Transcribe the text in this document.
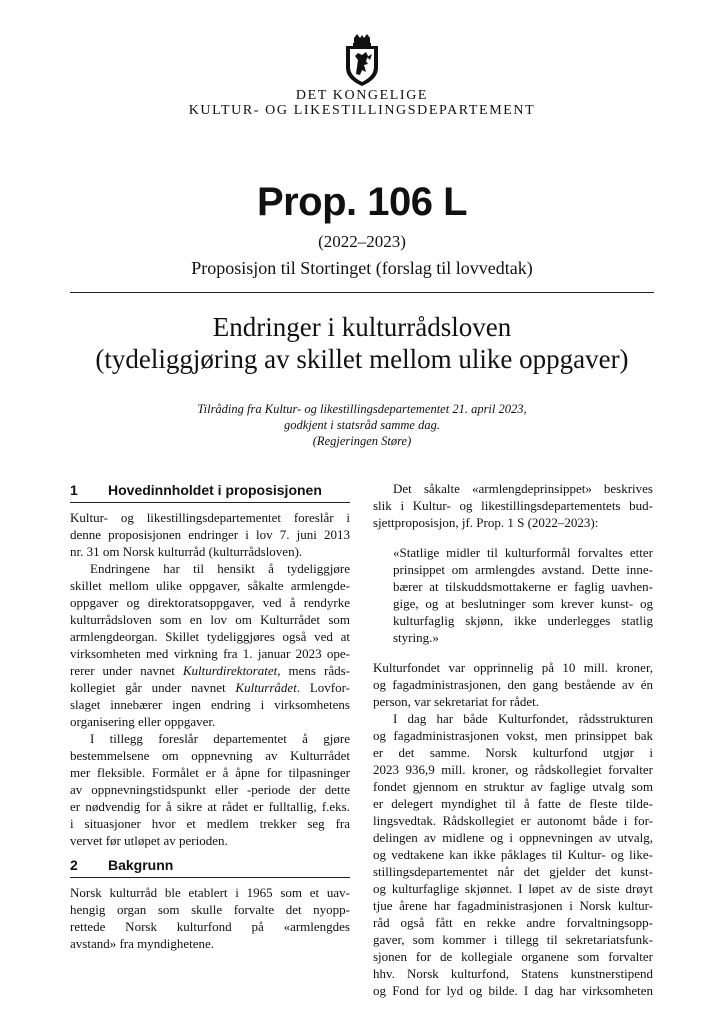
DET KONGELIGE
KULTUR- OG LIKESTILLINGSDEPARTEMENT
Prop. 106 L
(2022–2023)
Proposisjon til Stortinget (forslag til lovvedtak)
Endringer i kulturrådsloven
(tydeliggjøring av skillet mellom ulike oppgaver)
Tilråding fra Kultur- og likestillingsdepartementet 21. april 2023,
godkjent i statsråd samme dag.
(Regjeringen Støre)
1 Hovedinnholdet i proposisjonen
Kultur- og likestillingsdepartementet foreslår i
denne proposisjonen endringer i lov 7. juni 2013
nr. 31 om Norsk kulturråd (kulturrådsloven).
Endringene har til hensikt å tydeliggjøre
skillet mellom ulike oppgaver, såkalte armlengde-
oppgaver og direktoratsoppgaver, ved å rendyrke
kulturrådsloven som en lov om Kulturrådet som
armlengdeorgan. Skillet tydeliggjøres også ved at
virksomheten med virkning fra 1. januar 2023 ope-
rerer under navnet Kulturdirektoratet, mens råds-
kollegiet går under navnet Kulturrådet. Lovfor-
slaget innebærer ingen endring i virksomhetens
organisering eller oppgaver.
I tillegg foreslår departementet å gjøre
bestemmelsene om oppnevning av Kulturrådet
mer fleksible. Formålet er å åpne for tilpasninger
av oppnevningstidspunkt eller -periode der dette
er nødvendig for å sikre at rådet er fulltallig, f.eks.
i situasjoner hvor et medlem trekker seg fra
vervet før utløpet av perioden.
2 Bakgrunn
Norsk kulturråd ble etablert i 1965 som et uav-
hengig organ som skulle forvalte det nyopp-
rettede Norsk kulturfond på «armlengdes
avstand» fra myndighetene.
Det såkalte «armlengdeprinsippet» beskrives
slik i Kultur- og likestillingsdepartementets bud-
sjettproposisjon, jf. Prop. 1 S (2022–2023):
«Statlige midler til kulturformål forvaltes etter
prinsippet om armlengdes avstand. Dette inne-
bærer at tilskuddsmottakerne er faglig uavhen-
gige, og at beslutninger som krever kunst- og
kulturfaglig skjønn, ikke underlegges statlig
styring.»
Kulturfondet var opprinnelig på 10 mill. kroner,
og fagadministrasjonen, den gang bestående av én
person, var sekretariat for rådet.
I dag har både Kulturfondet, rådsstrukturen
og fagadministrasjonen vokst, men prinsippet bak
er det samme. Norsk kulturfond utgjør i
2023 936,9 mill. kroner, og rådskollegiet forvalter
fondet gjennom en struktur av faglige utvalg som
er delegert myndighet til å fatte de fleste tilde-
lingsvedtak. Rådskollegiet er autonomt både i for-
delingen av midlene og i oppnevningen av utvalg,
og vedtakene kan ikke påklages til Kultur- og like-
stillingsdepartementet når det gjelder det kunst-
og kulturfaglige skjønnet. I løpet av de siste drøyt
tjue årene har fagadministrasjonen i Norsk kultur-
råd også fått en rekke andre forvaltningsopp-
gaver, som kommer i tillegg til sekretariatsfunk-
sjonen for de kollegiale organene som forvalter
hhv. Norsk kulturfond, Statens kunstnerstipend
og Fond for lyd og bilde. I dag har virksomheten
